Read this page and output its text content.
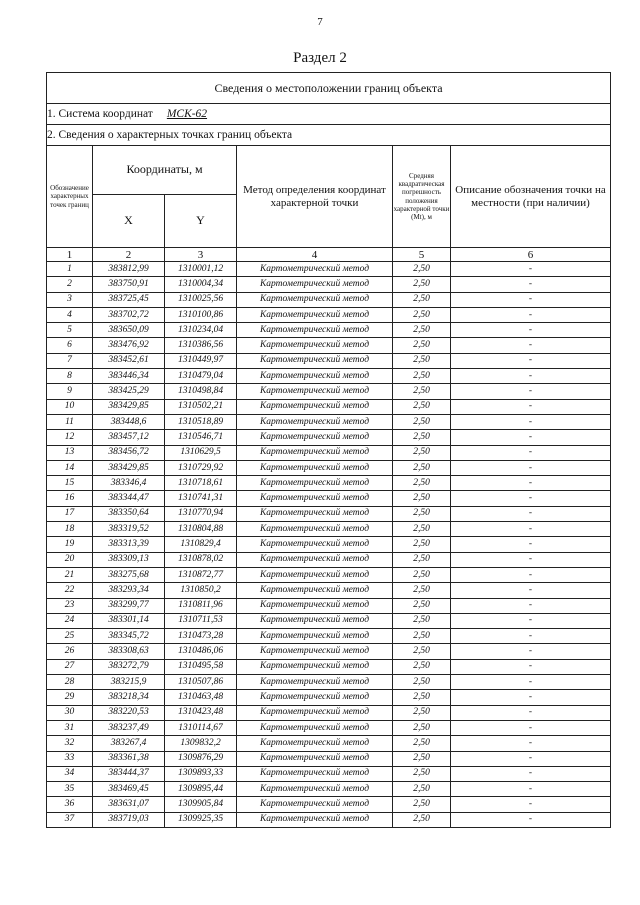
7
Раздел 2
Сведения о местоположении границ объекта					
1. Система координат МСК-62					
2. Сведения о характерных точках границ объекта					
Обозначение характерных точек границ	Координаты, м		Метод определения координат характерной точки	Средняя квадратическая погрешность положения характерной точки (Mt), м	Описание обозначения точки на местности (при наличии)
	X	Y			
1	2	3	4	5	6
1	383812,99	1310001,12	Картометрический метод	2,50	-
2	383750,91	1310004,34	Картометрический метод	2,50	-
3	383725,45	1310025,56	Картометрический метод	2,50	-
4	383702,72	1310100,86	Картометрический метод	2,50	-
5	383650,09	1310234,04	Картометрический метод	2,50	-
6	383476,92	1310386,56	Картометрический метод	2,50	-
7	383452,61	1310449,97	Картометрический метод	2,50	-
8	383446,34	1310479,04	Картометрический метод	2,50	-
9	383425,29	1310498,84	Картометрический метод	2,50	-
10	383429,85	1310502,21	Картометрический метод	2,50	-
11	383448,6	1310518,89	Картометрический метод	2,50	-
12	383457,12	1310546,71	Картометрический метод	2,50	-
13	383456,72	1310629,5	Картометрический метод	2,50	-
14	383429,85	1310729,92	Картометрический метод	2,50	-
15	383346,4	1310718,61	Картометрический метод	2,50	-
16	383344,47	1310741,31	Картометрический метод	2,50	-
17	383350,64	1310770,94	Картометрический метод	2,50	-
18	383319,52	1310804,88	Картометрический метод	2,50	-
19	383313,39	1310829,4	Картометрический метод	2,50	-
20	383309,13	1310878,02	Картометрический метод	2,50	-
21	383275,68	1310872,77	Картометрический метод	2,50	-
22	383293,34	1310850,2	Картометрический метод	2,50	-
23	383299,77	1310811,96	Картометрический метод	2,50	-
24	383301,14	1310711,53	Картометрический метод	2,50	-
25	383345,72	1310473,28	Картометрический метод	2,50	-
26	383308,63	1310486,06	Картометрический метод	2,50	-
27	383272,79	1310495,58	Картометрический метод	2,50	-
28	383215,9	1310507,86	Картометрический метод	2,50	-
29	383218,34	1310463,48	Картометрический метод	2,50	-
30	383220,53	1310423,48	Картометрический метод	2,50	-
31	383237,49	1310114,67	Картометрический метод	2,50	-
32	383267,4	1309832,2	Картометрический метод	2,50	-
33	383361,38	1309876,29	Картометрический метод	2,50	-
34	383444,37	1309893,33	Картометрический метод	2,50	-
35	383469,45	1309895,44	Картометрический метод	2,50	-
36	383631,07	1309905,84	Картометрический метод	2,50	-
37	383719,03	1309925,35	Картометрический метод	2,50	-
